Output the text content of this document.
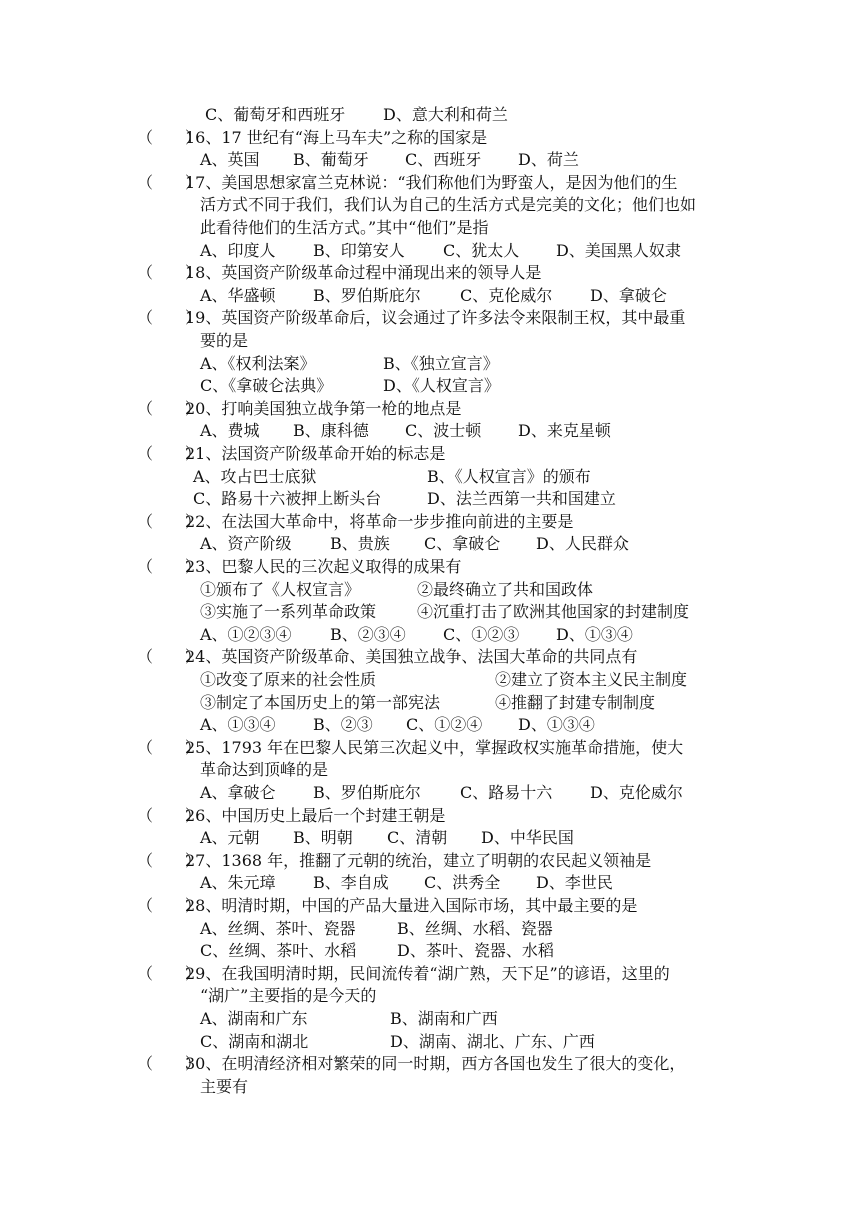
C、葡萄牙和西班牙 D、意大利和荷兰
（　　）
16、17 世纪有“海上马车夫”之称的国家是
A、英国 B、葡萄牙 C、西班牙 D、荷兰
（　　）
17、美国思想家富兰克林说：“我们称他们为野蛮人，是因为他们的生
活方式不同于我们，我们认为自己的生活方式是完美的文化；他们也如
此看待他们的生活方式。”其中“他们”是指
A、印度人 B、印第安人 C、犹太人 D、美国黑人奴隶
（　　）
18、英国资产阶级革命过程中涌现出来的领导人是
A、华盛顿 B、罗伯斯庇尔 C、克伦威尔 D、拿破仑
（　　）
19、英国资产阶级革命后，议会通过了许多法令来限制王权，其中最重
要的是
A、《权利法案》	B、《独立宣言》
C、《拿破仑法典》	D、《人权宣言》
（　　）
20、打响美国独立战争第一枪的地点是
A、费城 B、康科德 C、波士顿 D、来克星顿
（　　）
21、法国资产阶级革命开始的标志是
A、攻占巴士底狱	B、《人权宣言》的颁布
C、路易十六被押上断头台	D、法兰西第一共和国建立
（　　）
22、在法国大革命中，将革命一步步推向前进的主要是
A、资产阶级 B、贵族 C、拿破仑 D、人民群众
（　　）
23、巴黎人民的三次起义取得的成果有
①颁布了《人权宣言》	②最终确立了共和国政体
③实施了一系列革命政策	④沉重打击了欧洲其他国家的封建制度
A、①②③④ B、②③④ C、①②③ D、①③④
（　　）
24、英国资产阶级革命、美国独立战争、法国大革命的共同点有
①改变了原来的社会性质	②建立了资本主义民主制度
③制定了本国历史上的第一部宪法	④推翻了封建专制制度
A、①③④ B、②③ C、①②④ D、①③④
（　　）
25、1793 年在巴黎人民第三次起义中，掌握政权实施革命措施，使大
革命达到顶峰的是
A、拿破仑 B、罗伯斯庇尔 C、路易十六 D、克伦威尔
（　　）
26、中国历史上最后一个封建王朝是
A、元朝 B、明朝 C、清朝 D、中华民国
（　　）
27、1368 年，推翻了元朝的统治，建立了明朝的农民起义领袖是
A、朱元璋 B、李自成 C、洪秀全 D、李世民
（　　）
28、明清时期，中国的产品大量进入国际市场，其中最主要的是
A、丝绸、茶叶、瓷器	B、丝绸、水稻、瓷器
C、丝绸、茶叶、水稻	D、茶叶、瓷器、水稻
（　　）
29、在我国明清时期，民间流传着“湖广熟，天下足”的谚语，这里的
“湖广”主要指的是今天的
A、湖南和广东	B、湖南和广西
C、湖南和湖北	D、湖南、湖北、广东、广西
（　　）
30、在明清经济相对繁荣的同一时期，西方各国也发生了很大的变化，
主要有
